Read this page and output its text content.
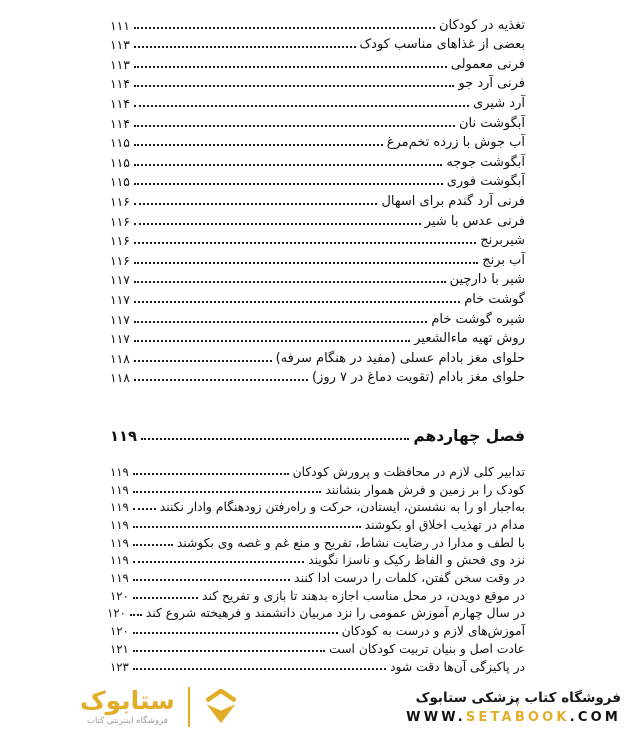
تغذیه در کودکان
۱۱۱
بعضی از غذاهای مناسب کودک
۱۱۳
فرنی معمولی
۱۱۳
فرنی آرد جو
۱۱۴
آرد شیری
۱۱۴
آبگوشت نان
۱۱۴
آب جوش با زرده تخم‌مرغ
۱۱۵
آبگوشت جوجه
۱۱۵
آبگوشت فوری
۱۱۵
فرنی آرد گندم برای اسهال
۱۱۶
فرنی عدس با شیر
۱۱۶
شیربرنج
۱۱۶
آب برنج
۱۱۶
شیر با دارچین
۱۱۷
گوشت خام
۱۱۷
شیره گوشت خام
۱۱۷
روش تهیه ماءالشعیر
۱۱۷
حلوای مغز بادام عسلی (مفید در هنگام سرفه)
۱۱۸
حلوای مغز بادام (تقویت دماغ در ۷ روز)
۱۱۸
فصل چهاردهم
۱۱۹
تدابیر کلی لازم در محافظت و پرورش کودکان
۱۱۹
کودک را بر زمین و فرش هموار بنشانند
۱۱۹
به‌اجبار او را به نشستن، ایستادن، حرکت و راه‌رفتن زودهنگام وادار نکنند
۱۱۹
مدام در تهذیب اخلاق او بکوشند
۱۱۹
با لطف و مدارا در رضایت نشاط، تفریح و منع غم و غصه وی بکوشند
۱۱۹
نزد وی فحش و الفاظ رکیک و ناسزا نگویند
۱۱۹
در وقت سخن گفتن، کلمات را درست ادا کنند
۱۱۹
در موقع دویدن، در محل مناسب اجازه بدهند تا بازی و تفریح کند
۱۲۰
در سال چهارم آموزش عمومی را نزد مربیان دانشمند و فرهیخته شروع کند
۱۲۰
آموزش‌های لازم و درست به کودکان
۱۲۰
عادت اصل و بنیان تربیت کودکان است
۱۲۱
در پاکیزگی آن‌ها دقت شود
۱۲۳
ستابوک
فروشگاه اینترنتی کتاب
فروشگاه کتاب پزشکی ستابوک
WWW.SETABOOK.COM
